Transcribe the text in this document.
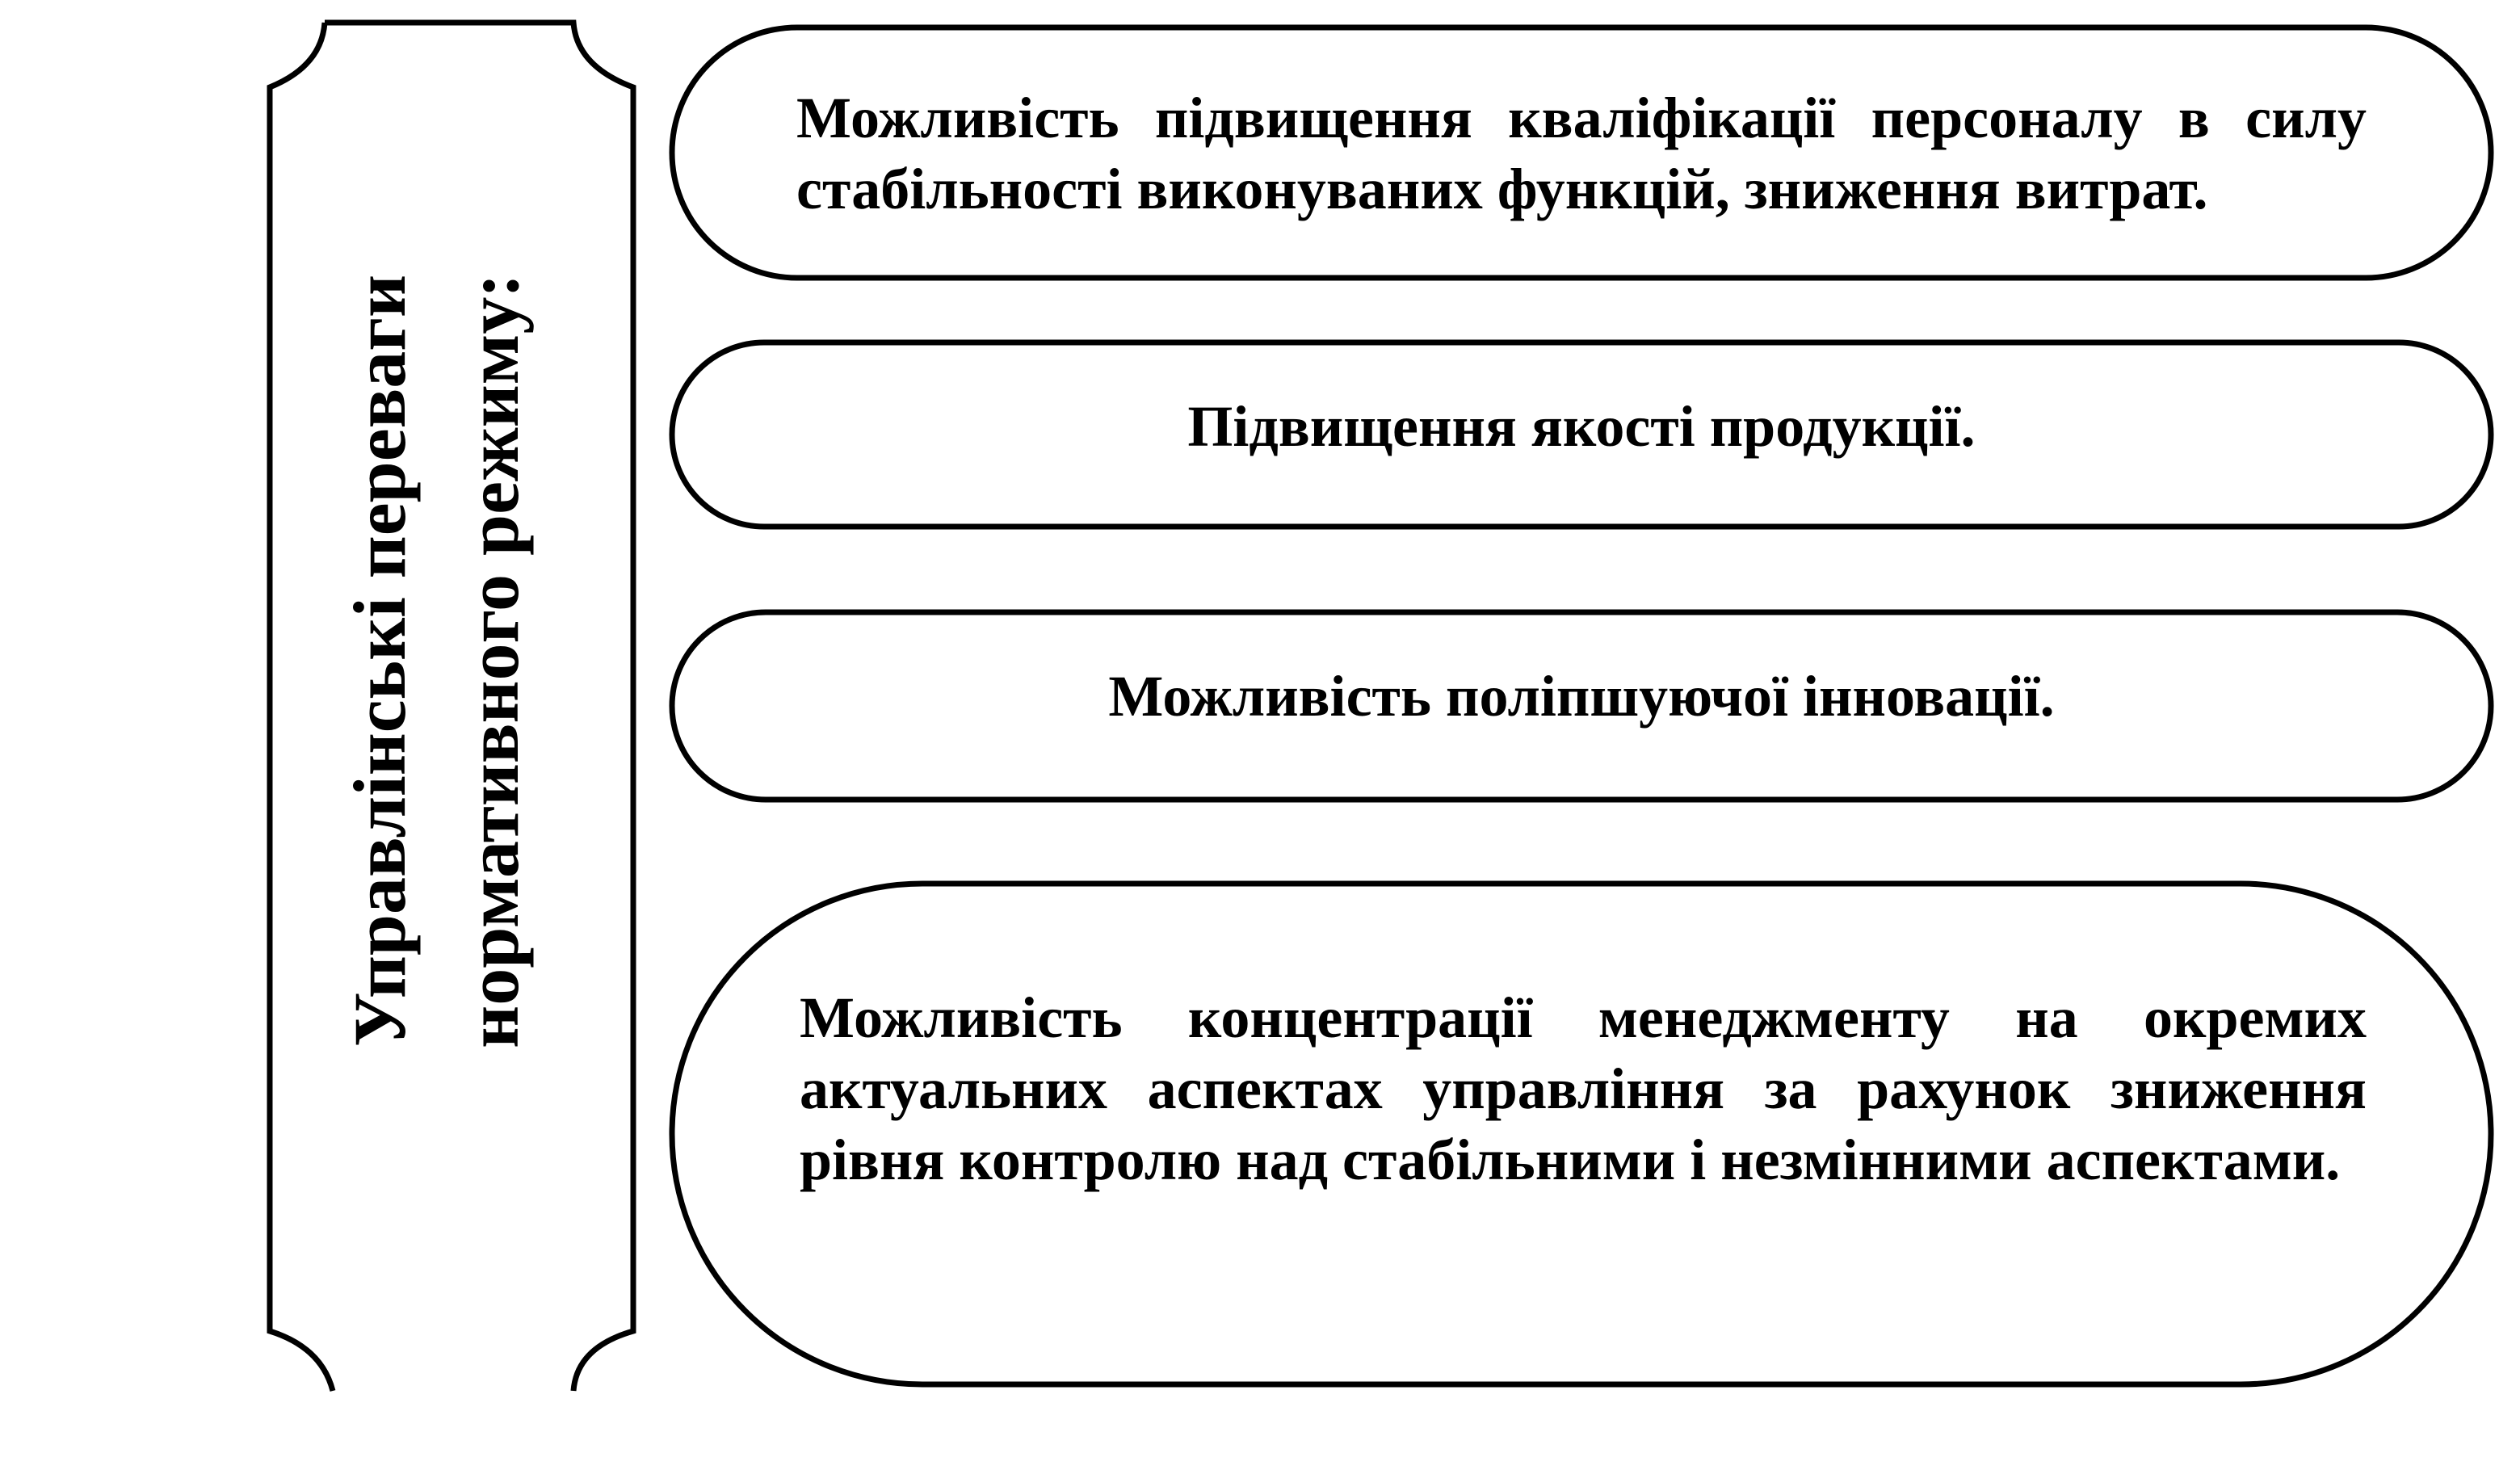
Управлінські переваги нормативного режиму:
Можливість підвищення кваліфікації персоналу в силу стабільності виконуваних функцій, зниження витрат.
Підвищення якості продукції.
Можливість поліпшуючої інновації.
Можливість концентрації менеджменту на окремих актуальних аспектах управління за рахунок зниження рівня контролю над стабільними і незмінними аспектами.
